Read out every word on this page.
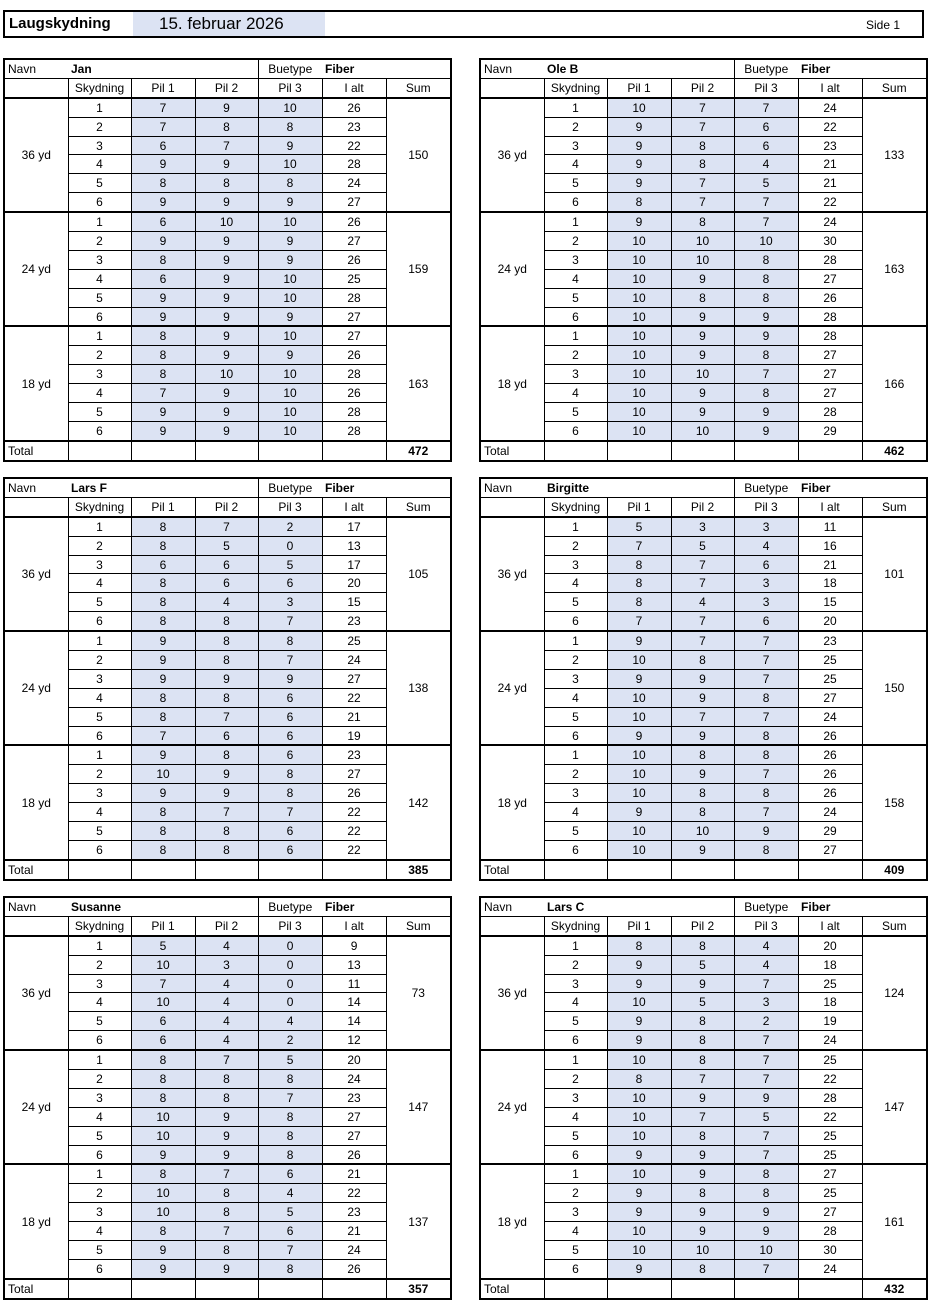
Laugskydning	15. februar 2026	Side 1
Navn	Jan			Buetype	Fiber	
	Skydning	Pil 1	Pil 2	Pil 3	I alt	Sum
36 yd	1	7	9	10	26	150
	2	7	8	8	23	
	3	6	7	9	22	
	4	9	9	10	28	
	5	8	8	8	24	
	6	9	9	9	27	
24 yd	1	6	10	10	26	159
	2	9	9	9	27	
	3	8	9	9	26	
	4	6	9	10	25	
	5	9	9	10	28	
	6	9	9	9	27	
18 yd	1	8	9	10	27	163
	2	8	9	9	26	
	3	8	10	10	28	
	4	7	9	10	26	
	5	9	9	10	28	
	6	9	9	10	28	
Total						472
Navn	Ole B			Buetype	Fiber	
	Skydning	Pil 1	Pil 2	Pil 3	I alt	Sum
36 yd	1	10	7	7	24	133
	2	9	7	6	22	
	3	9	8	6	23	
	4	9	8	4	21	
	5	9	7	5	21	
	6	8	7	7	22	
24 yd	1	9	8	7	24	163
	2	10	10	10	30	
	3	10	10	8	28	
	4	10	9	8	27	
	5	10	8	8	26	
	6	10	9	9	28	
18 yd	1	10	9	9	28	166
	2	10	9	8	27	
	3	10	10	7	27	
	4	10	9	8	27	
	5	10	9	9	28	
	6	10	10	9	29	
Total						462
Navn	Lars F			Buetype	Fiber	
	Skydning	Pil 1	Pil 2	Pil 3	I alt	Sum
36 yd	1	8	7	2	17	105
	2	8	5	0	13	
	3	6	6	5	17	
	4	8	6	6	20	
	5	8	4	3	15	
	6	8	8	7	23	
24 yd	1	9	8	8	25	138
	2	9	8	7	24	
	3	9	9	9	27	
	4	8	8	6	22	
	5	8	7	6	21	
	6	7	6	6	19	
18 yd	1	9	8	6	23	142
	2	10	9	8	27	
	3	9	9	8	26	
	4	8	7	7	22	
	5	8	8	6	22	
	6	8	8	6	22	
Total						385
Navn	Birgitte			Buetype	Fiber	
	Skydning	Pil 1	Pil 2	Pil 3	I alt	Sum
36 yd	1	5	3	3	11	101
	2	7	5	4	16	
	3	8	7	6	21	
	4	8	7	3	18	
	5	8	4	3	15	
	6	7	7	6	20	
24 yd	1	9	7	7	23	150
	2	10	8	7	25	
	3	9	9	7	25	
	4	10	9	8	27	
	5	10	7	7	24	
	6	9	9	8	26	
18 yd	1	10	8	8	26	158
	2	10	9	7	26	
	3	10	8	8	26	
	4	9	8	7	24	
	5	10	10	9	29	
	6	10	9	8	27	
Total						409
Navn	Susanne			Buetype	Fiber	
	Skydning	Pil 1	Pil 2	Pil 3	I alt	Sum
36 yd	1	5	4	0	9	73
	2	10	3	0	13	
	3	7	4	0	11	
	4	10	4	0	14	
	5	6	4	4	14	
	6	6	4	2	12	
24 yd	1	8	7	5	20	147
	2	8	8	8	24	
	3	8	8	7	23	
	4	10	9	8	27	
	5	10	9	8	27	
	6	9	9	8	26	
18 yd	1	8	7	6	21	137
	2	10	8	4	22	
	3	10	8	5	23	
	4	8	7	6	21	
	5	9	8	7	24	
	6	9	9	8	26	
Total						357
Navn	Lars C			Buetype	Fiber	
	Skydning	Pil 1	Pil 2	Pil 3	I alt	Sum
36 yd	1	8	8	4	20	124
	2	9	5	4	18	
	3	9	9	7	25	
	4	10	5	3	18	
	5	9	8	2	19	
	6	9	8	7	24	
24 yd	1	10	8	7	25	147
	2	8	7	7	22	
	3	10	9	9	28	
	4	10	7	5	22	
	5	10	8	7	25	
	6	9	9	7	25	
18 yd	1	10	9	8	27	161
	2	9	8	8	25	
	3	9	9	9	27	
	4	10	9	9	28	
	5	10	10	10	30	
	6	9	8	7	24	
Total						432
